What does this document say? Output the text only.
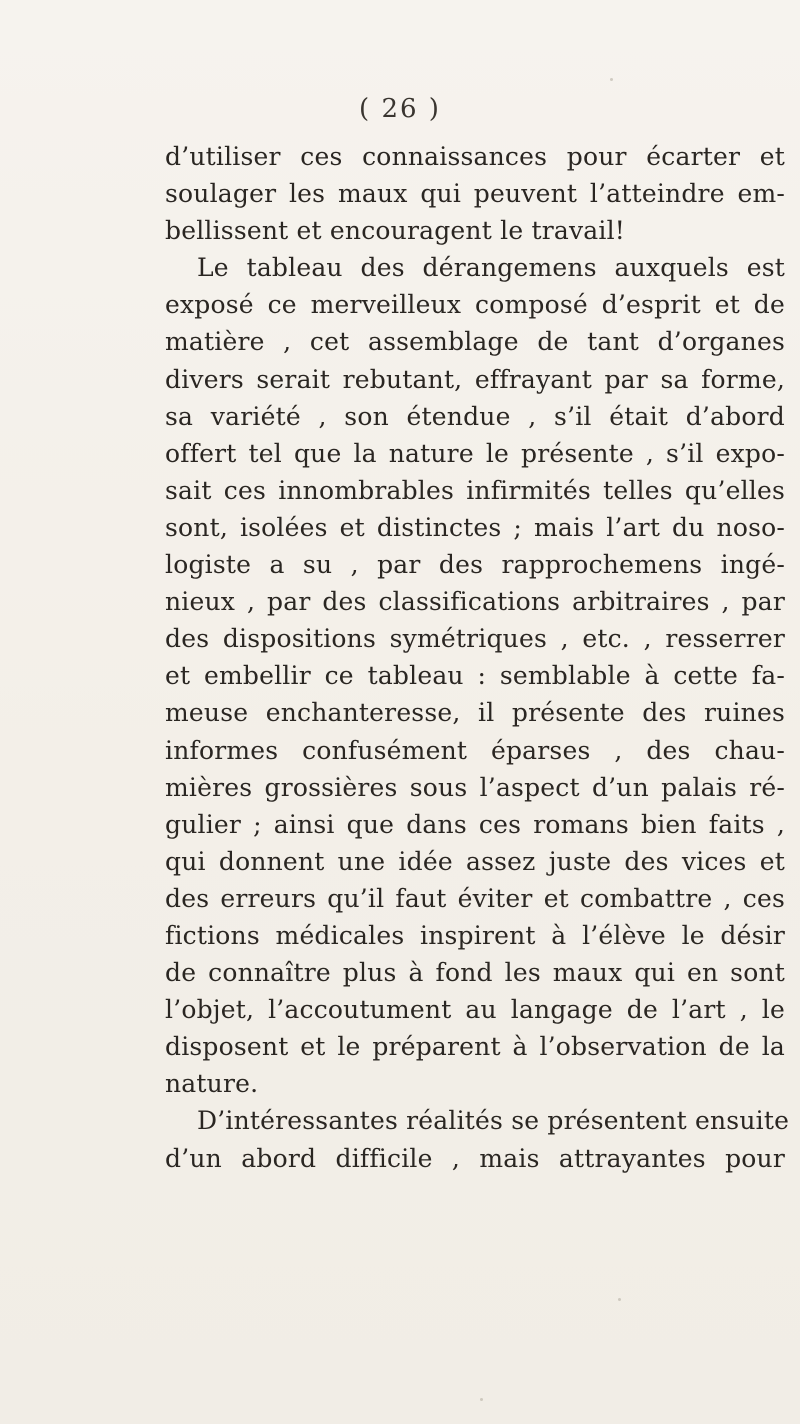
( 26 )
d’utiliser ces connaissances pour écarter et
soulager les maux qui peuvent l’atteindre em-
bellissent et encouragent le travail!
Le tableau des dérangemens auxquels est
exposé ce merveilleux composé d’esprit et de
matière , cet assemblage de tant d’organes
divers serait rebutant, effrayant par sa forme,
sa variété , son étendue , s’il était d’abord
offert tel que la nature le présente , s’il expo-
sait ces innombrables infirmités telles qu’elles
sont, isolées et distinctes ; mais l’art du noso-
logiste a su , par des rapprochemens ingé-
nieux , par des classifications arbitraires , par
des dispositions symétriques , etc. , resserrer
et embellir ce tableau : semblable à cette fa-
meuse enchanteresse, il présente des ruines
informes confusément éparses , des chau-
mières grossières sous l’aspect d’un palais ré-
gulier ; ainsi que dans ces romans bien faits ,
qui donnent une idée assez juste des vices et
des erreurs qu’il faut éviter et combattre , ces
fictions médicales inspirent à l’élève le désir
de connaître plus à fond les maux qui en sont
l’objet, l’accoutument au langage de l’art , le
disposent et le préparent à l’observation de la
nature.
D’intéressantes réalités se présentent ensuite
d’un abord difficile , mais attrayantes pour
